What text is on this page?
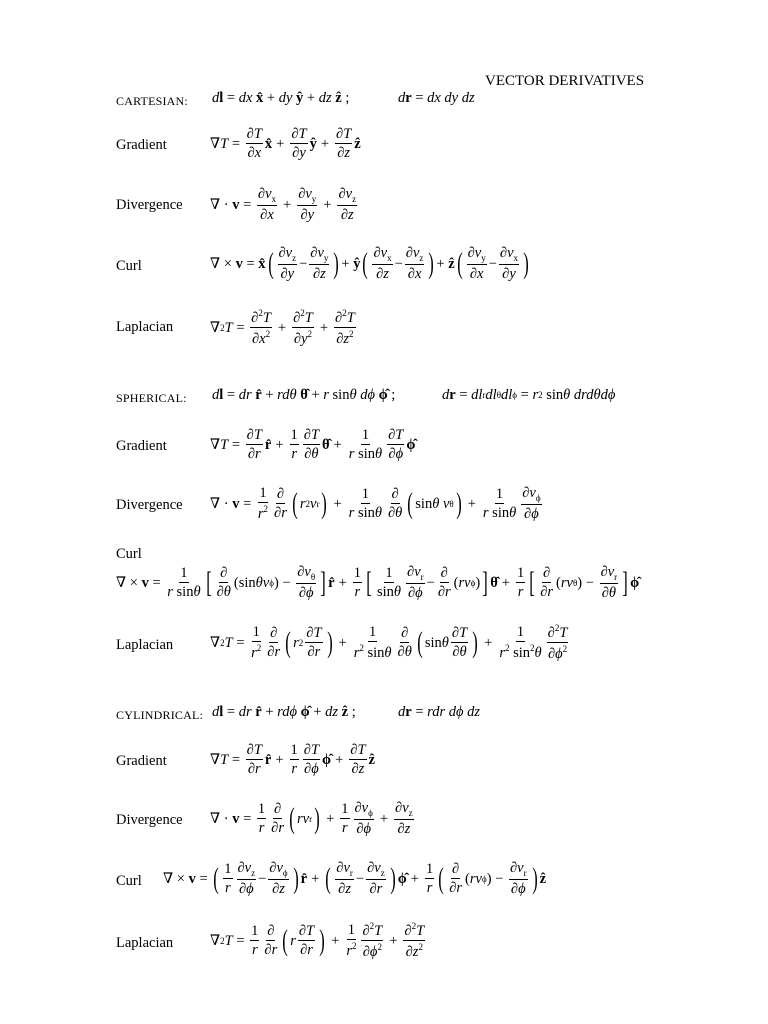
VECTOR DERIVATIVES
CARTESIAN: d l = dx
x̂ + dy
ŷ + dz
ẑ ;	d r = dx dy dz
Gradient	∇ $T = \frac{\partial T}{\partial x}$ x̂ + $\frac{\partial T}{\partial y}$ ŷ + $\frac{\partial T}{\partial z}$ ẑ
Divergence ∇ · $v = \frac{\partial v_x}{\partial x} + \frac{\partial v_y}{\partial y} + \frac{\partial v_z}{\partial z}$
Curl	∇ × v = x̂ ( $\frac{\partial v_z}{\partial y} - \frac{\partial v_y}{\partial z}$ ) + ŷ ( $\frac{\partial v_x}{\partial z} - \frac{\partial v_z}{\partial x}$ ) + ẑ ( $\frac{\partial v_y}{\partial x} - \frac{\partial v_x}{\partial y}$ )
Laplacian	∇ 2 $T = \frac{\partial^2T}{\partial x^2} + \frac{\partial^2T}{\partial y^2} + \frac{\partial^2T}{\partial z^2}$
SPHERICAL: d l = dr
r̂ + rdθ
θ̂ + r sin θ
dϕ
ϕ̂ ;	d r = dl r dl θ dl ϕ = r 2 sin θ
drdθdϕ
Gradient	∇ $T = \frac{\partial T}{\partial r}$ r̂ + $\frac{1}{r} \frac{\partial T}{\partial\theta}$ θ̂ + $\frac{1}{\text{r sinθ}} \frac{\partial T}{\partial\phi}$ ϕ̂
Divergence ∇ · $v = \frac{1}{r^2} \frac{\partial}{\partial r}$ ( r 2 v r ) + $\frac{1}{\text{r sinθ}} \frac{\partial}{\partial\theta}$ ( sin θ
v θ ) + $\frac{1}{\text{r sinθ}} \frac{\partial v_\phi}{\partial\phi}$
Curl
∇ × $v = \frac{1}{\text{r sinθ}}$ [ $\frac{\partial}{\partial\theta} (\sin$ θv ϕ ) − $\frac{\partial v_\theta}{\partial\phi}$ ] r̂ + $\frac{1}{r}$ [ $\frac{1}{\sin\theta} \frac{\partial v_r}{\partial\phi} - \frac{\partial}{\partial r}$ ( rv ϕ ) ] θ̂ + $\frac{1}{r}$ [ $\frac{\partial}{\partial r}$ ( rv θ ) − $\frac{\partial v_r}{\partial\theta}$ ] ϕ̂
Laplacian	∇ 2 $T = \frac{1}{r^2} \frac{\partial}{\partial r}$ ( r $2 \frac{\partial T}{\partial r}$ ) + $\frac{1}{r^2 \sin\theta} \frac{\partial}{\partial\theta}$ ( sin θ $\frac{\partial T}{\partial\theta}$ ) + $\frac{1}{r^2 \sin^2\theta} \frac{\partial^2T}{\partial\phi^2}$
CYLINDRICAL: d l = dr
r̂ + rdϕ
ϕ̂ + dz
ẑ ;	d r = rdr dϕ dz
Gradient	∇ $T = \frac{\partial T}{\partial r}$ r̂ + $\frac{1}{r} \frac{\partial T}{\partial\phi}$ ϕ̂ + $\frac{\partial T}{\partial z}$ ẑ
Divergence ∇ · $v = \frac{1}{r} \frac{\partial}{\partial r}$ ( rv r ) + $\frac{1}{r} \frac{\partial v_\phi}{\partial\phi} + \frac{\partial v_z}{\partial z}$
Curl ∇ × v = ( $\frac{1}{r} \frac{\partial v_z}{\partial\phi} - \frac{\partial v_\phi}{\partial z}$ ) r̂ + ( $\frac{\partial v_r}{\partial z} - \frac{\partial v_z}{\partial r}$ ) ϕ̂ + $\frac{1}{r}$ ( $\frac{\partial}{\partial r}$ ( rv ϕ ) − $\frac{\partial v_r}{\partial\phi}$ ) ẑ
Laplacian	∇ 2 $T = \frac{1}{r} \frac{\partial}{\partial r}$ ( r $\frac{\partial T}{\partial r}$ ) + $\frac{1}{r^2} \frac{\partial^2T}{\partial\phi^2} + \frac{\partial^2T}{\partial z^2}$
